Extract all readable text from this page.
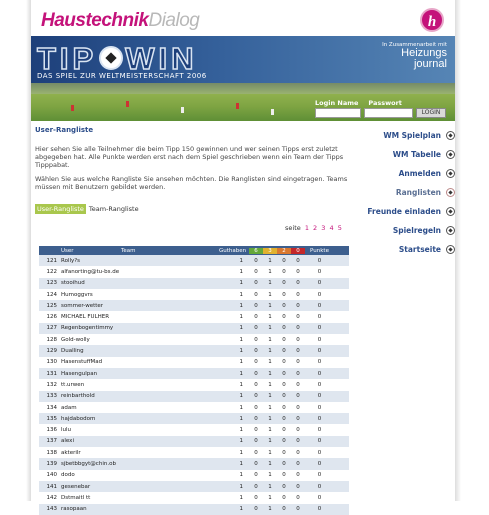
HaustechnikDialog	h
TIP WIN
DAS SPIEL ZUR WELTMEISTERSCHAFT 2006
In Zusammenarbeit mit
Heizungs
journal
Login Name Passwort
LOGIN
WM Spielplan
WM Tabelle
Anmelden
Ranglisten
Freunde einladen
Spielregeln
Startseite
User-Rangliste
Hier sehen Sie alle Teilnehmer die beim Tipp 150 gewinnen und wer seinen Tipps erst zuletzt abgegeben hat. Alle Punkte werden erst nach dem Spiel geschrieben wenn ein Team der Tipps Tipppabat.
Wählen Sie aus welche Rangliste Sie ansehen möchten. Die Ranglisten sind eingetragen. Teams müssen mit Benutzern gebildet werden.
User-Rangliste Team-Rangliste
seite 1 2 3 4 5
User	Team	Guthaben	6	3	2	0	Punkte
121 Rolly?s	1	0	1	0	0	0
122 alfanorting@tu-bs.de	1	0	1	0	0	0
123 stooihud	1	0	1	0	0	0
124 Humoggvrs	1	0	1	0	0	0
125 sommer-wetter	1	0	1	0	0	0
126 MICHAEL FULHER	1	0	1	0	0	0
127 Regenbogentimmy	1	0	1	0	0	0
128 Gold-wolly	1	0	1	0	0	0
129 Dualling	1	0	1	0	0	0
130 HasenstuffMad	1	0	1	0	0	0
131 Hasengulpan	1	0	1	0	0	0
132 tt.urwen	1	0	1	0	0	0
133 reinbarthold	1	0	1	0	0	0
134 adam	1	0	1	0	0	0
135 hajdabodom	1	0	1	0	0	0
136 lulu	1	0	1	0	0	0
137 alexi	1	0	1	0	0	0
138 akterilr	1	0	1	0	0	0
139 sjbetbbgyt@chin.ob	1	0	1	0	0	0
140 dodo	1	0	1	0	0	0
141 gesenebar	1	0	1	0	0	0
142 Dstmaitl tt	1	0	1	0	0	0
143 rasopaan	1	0	1	0	0	0
